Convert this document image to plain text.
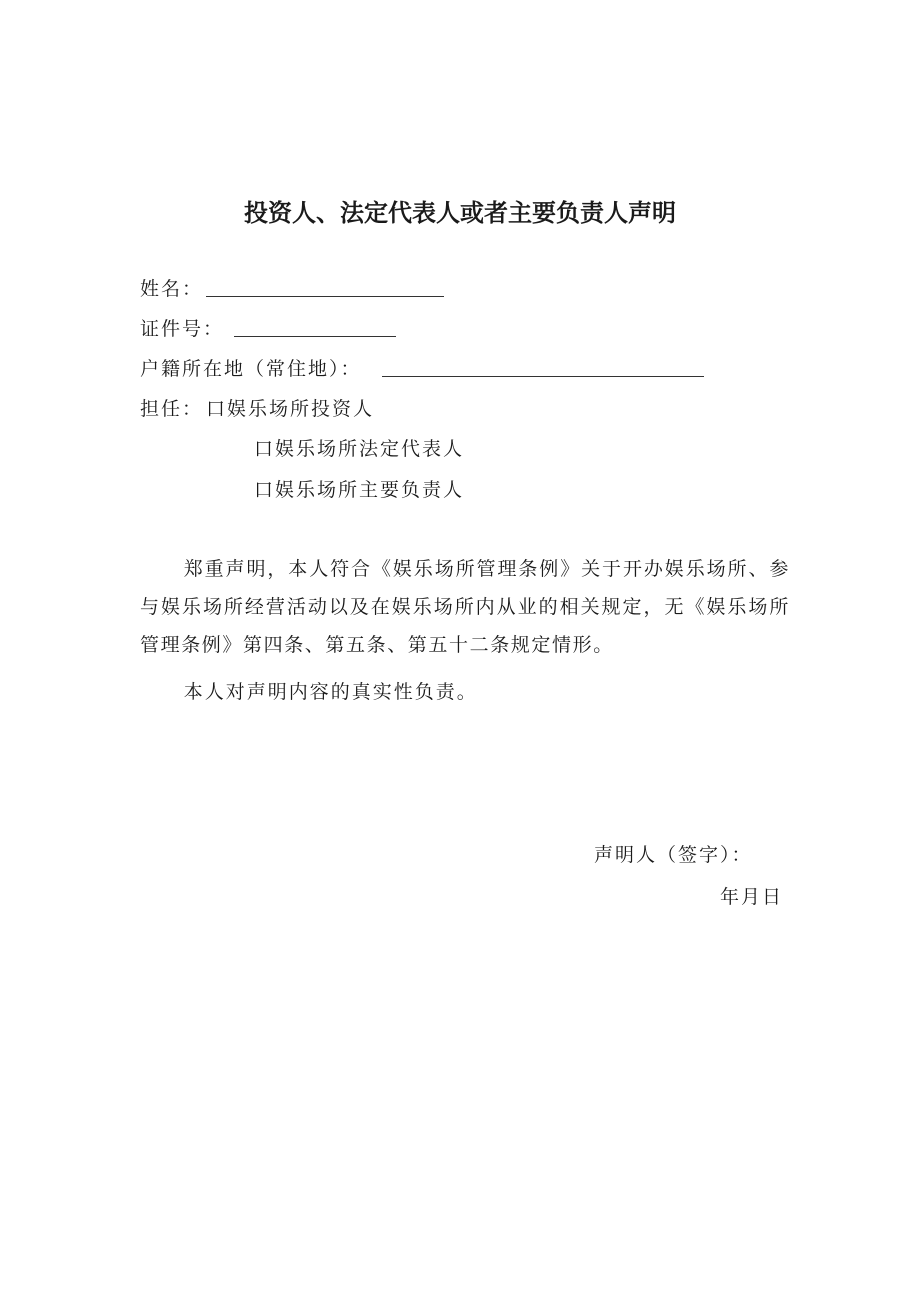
投资人、法定代表人或者主要负责人声明
姓名：
证件号：
户籍所在地（常住地）：
担任： 口娱乐场所投资人
口娱乐场所法定代表人
口娱乐场所主要负责人
郑重声明，本人符合《娱乐场所管理条例》关于开办娱乐场所、参与娱乐场所经营活动以及在娱乐场所内从业的相关规定，无《娱乐场所管理条例》第四条、第五条、第五十二条规定情形。
本人对声明内容的真实性负责。
声明人（签字）：
年月日
